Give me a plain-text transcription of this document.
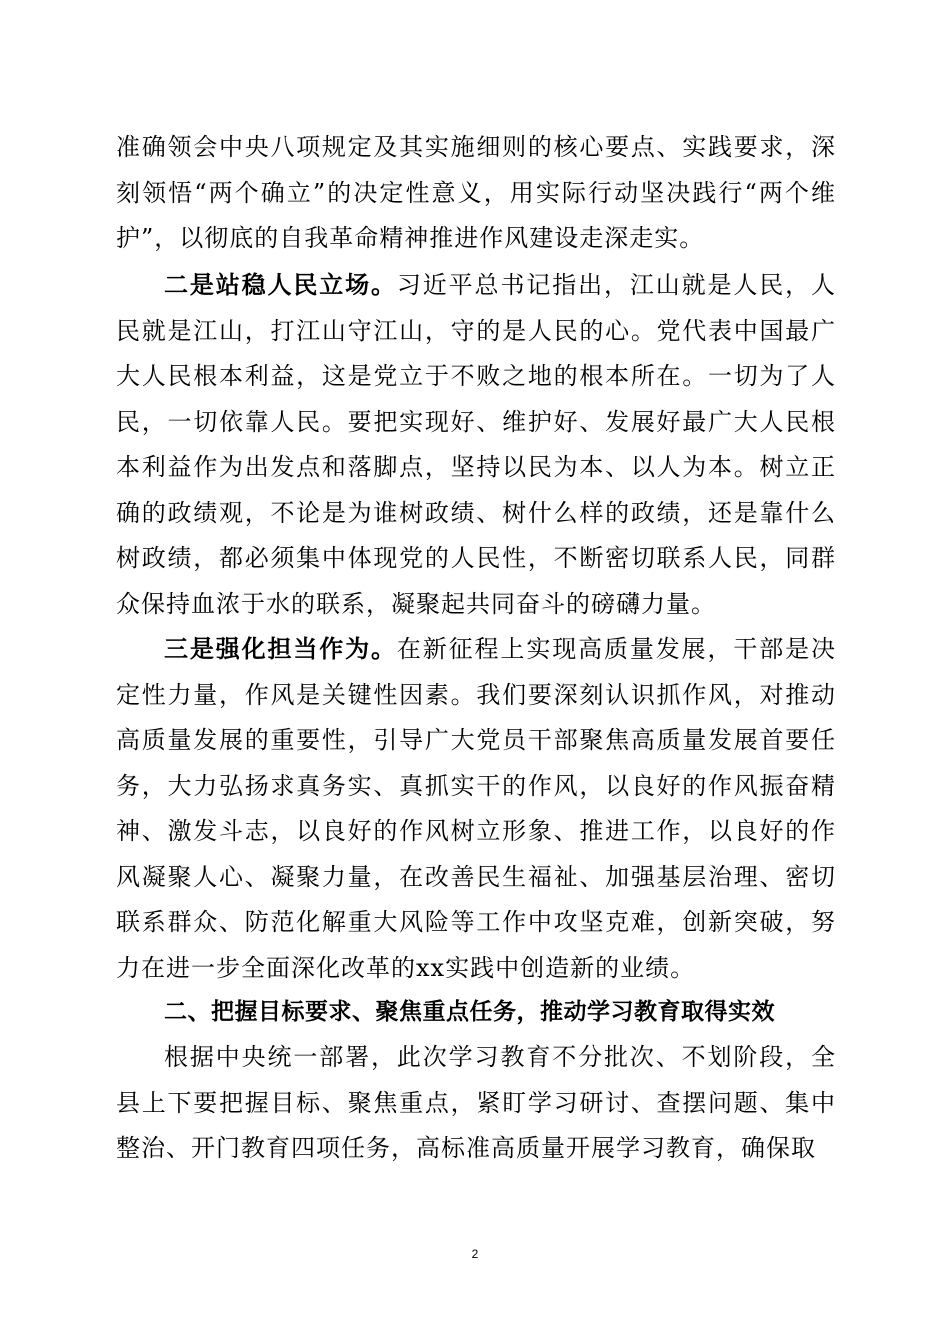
准确领会中央八项规定及其实施细则的核心要点、实践要求，深刻领悟“两个确立”的决定性意义，用实际行动坚决践行“两个维护”，以彻底的自我革命精神推进作风建设走深走实。

二是站稳人民立场。习近平总书记指出，江山就是人民，人民就是江山，打江山守江山，守的是人民的心。党代表中国最广大人民根本利益，这是党立于不败之地的根本所在。一切为了人民，一切依靠人民。要把实现好、维护好、发展好最广大人民根本利益作为出发点和落脚点，坚持以民为本、以人为本。树立正确的政绩观，不论是为谁树政绩、树什么样的政绩，还是靠什么树政绩，都必须集中体现党的人民性，不断密切联系人民，同群众保持血浓于水的联系，凝聚起共同奋斗的磅礴力量。

三是强化担当作为。在新征程上实现高质量发展，干部是决定性力量，作风是关键性因素。我们要深刻认识抓作风，对推动高质量发展的重要性，引导广大党员干部聚焦高质量发展首要任务，大力弘扬求真务实、真抓实干的作风，以良好的作风振奋精神、激发斗志，以良好的作风树立形象、推进工作，以良好的作风凝聚人心、凝聚力量，在改善民生福祉、加强基层治理、密切联系群众、防范化解重大风险等工作中攻坚克难，创新突破，努力在进一步全面深化改革的xx实践中创造新的业绩。

二、把握目标要求、聚焦重点任务，推动学习教育取得实效

根据中央统一部署，此次学习教育不分批次、不划阶段，全县上下要把握目标、聚焦重点，紧盯学习研讨、查摆问题、集中整治、开门教育四项任务，高标准高质量开展学习教育，确保取

2
